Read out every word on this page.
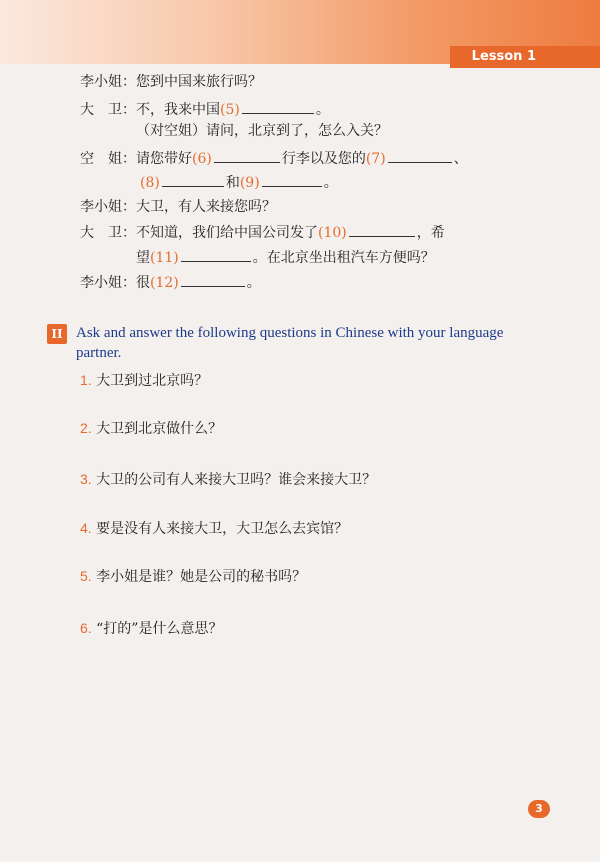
Lesson 1
李小姐：您到中国来旅行吗？
大　卫：不，我来中国(5)	。
（对空姐）请问，北京到了，怎么入关？
空　姐：请您带好(6)	行李以及您的(7)	、
(8)	和(9)	。
李小姐：大卫，有人来接您吗？
大　卫：不知道，我们给中国公司发了(10)	，希
望(11)	。在北京坐出租汽车方便吗？
李小姐：很(12)	。
II Ask and answer the following questions in Chinese with your language partner.
1. 大卫到过北京吗？
2. 大卫到北京做什么？
3. 大卫的公司有人来接大卫吗？谁会来接大卫？
4. 要是没有人来接大卫，大卫怎么去宾馆？
5. 李小姐是谁？她是公司的秘书吗？
6. “打的”是什么意思？
3
